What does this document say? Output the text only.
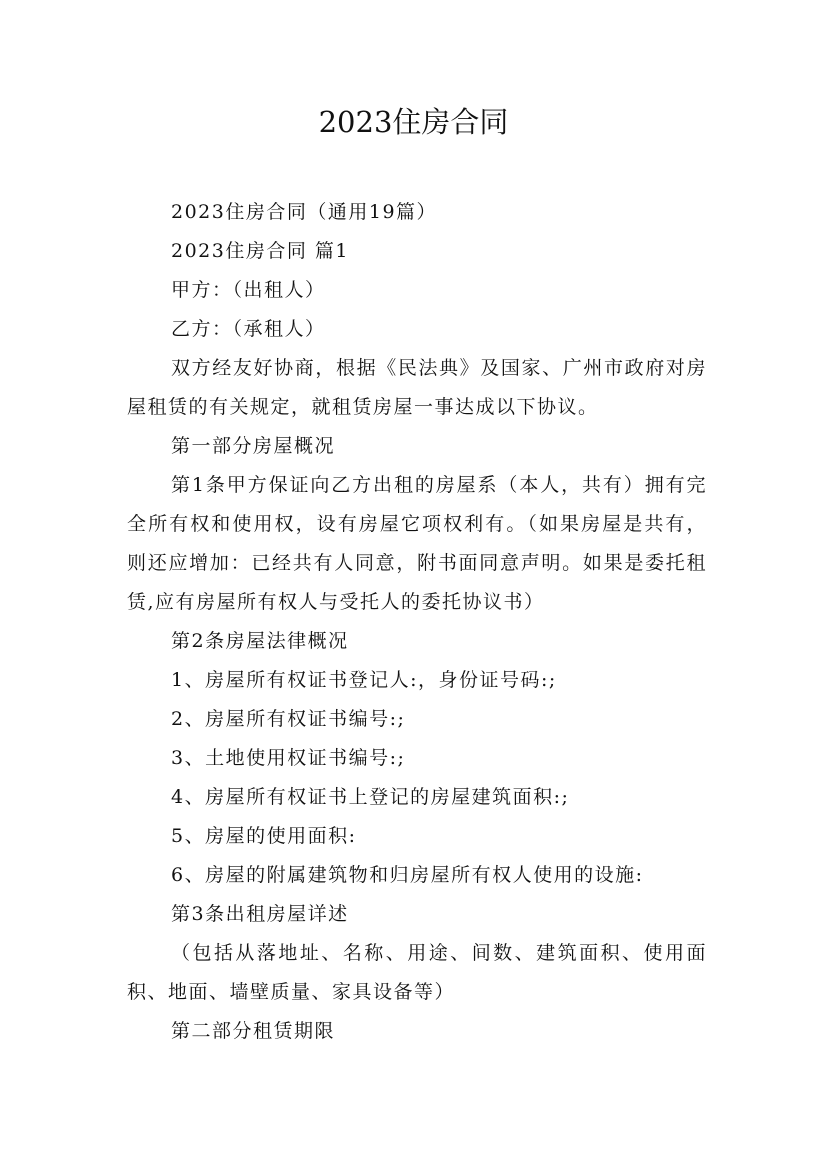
2023住房合同

2023住房合同（通用19篇）

2023住房合同 篇1

甲方：（出租人）

乙方：（承租人）

双方经友好协商，根据《民法典》及国家、广州市政府对房屋租赁的有关规定，就租赁房屋一事达成以下协议。

第一部分房屋概况

第1条甲方保证向乙方出租的房屋系（本人，共有）拥有完全所有权和使用权，设有房屋它项权利有。（如果房屋是共有，则还应增加：已经共有人同意，附书面同意声明。如果是委托租赁,应有房屋所有权人与受托人的委托协议书）

第2条房屋法律概况

1、房屋所有权证书登记人:，身份证号码:;

2、房屋所有权证书编号:;

3、土地使用权证书编号:;

4、房屋所有权证书上登记的房屋建筑面积:;

5、房屋的使用面积:

6、房屋的附属建筑物和归房屋所有权人使用的设施:

第3条出租房屋详述

（包括从落地址、名称、用途、间数、建筑面积、使用面积、地面、墙壁质量、家具设备等）

第二部分租赁期限
